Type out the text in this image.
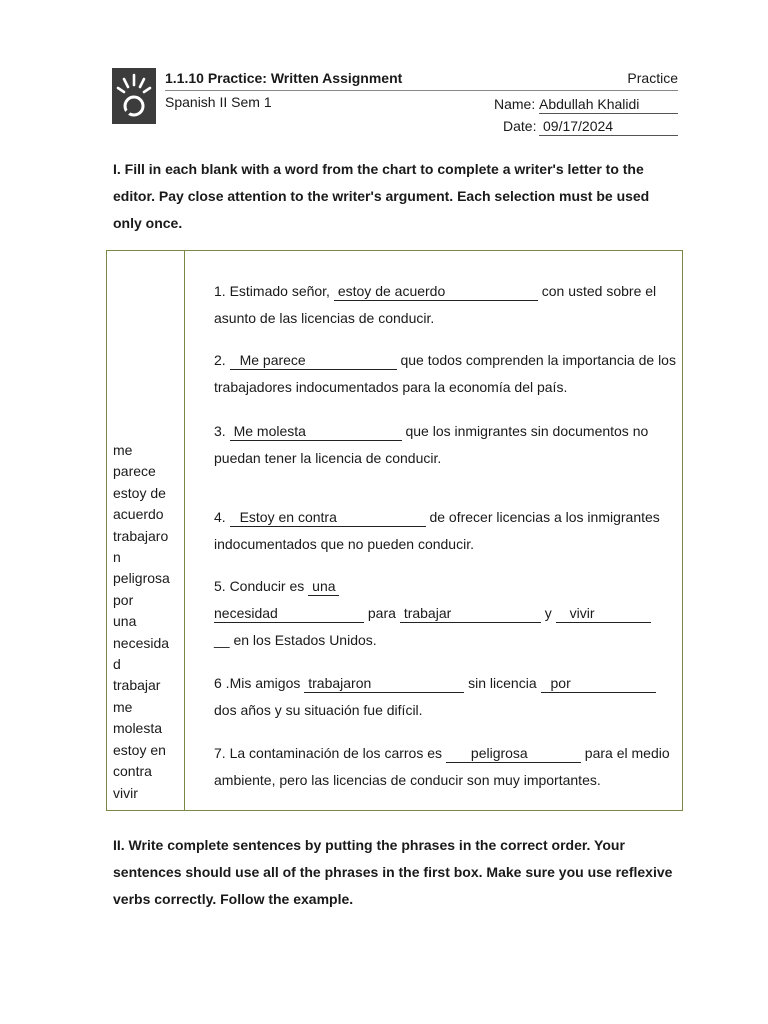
1.1.10 Practice: Written Assignment	Practice
Spanish II Sem 1	Name: Abdullah Khalidi
Date: 09/17/2024

I. Fill in each blank with a word from the chart to complete a writer's letter to the editor. Pay close attention to the writer's argument. Each selection must be used only once.

me
parece
estoy de
acuerdo
trabajaro
n
peligrosa
por
una
necesida
d
trabajar
me
molesta
estoy en
contra
vivir
1. Estimado señor, estoy de acuerdo	con usted sobre el asunto de las licencias de conducir.
2. Me parece	que todos comprenden la importancia de los trabajadores indocumentados para la economía del país.
3. Me molesta	que los inmigrantes sin documentos no puedan tener la licencia de conducir.
4. Estoy en contra	de ofrecer licencias a los inmigrantes indocumentados que no pueden conducir.
5. Conducir es una
necesidad	para trabajar	y vivir
__ en los Estados Unidos.
6 .Mis amigos trabajaron	sin licencia por dos años y su situación fue difícil.
7. La contaminación de los carros es peligrosa	para el medio ambiente, pero las licencias de conducir son muy importantes.

II. Write complete sentences by putting the phrases in the correct order. Your sentences should use all of the phrases in the first box. Make sure you use reflexive verbs correctly. Follow the example.
